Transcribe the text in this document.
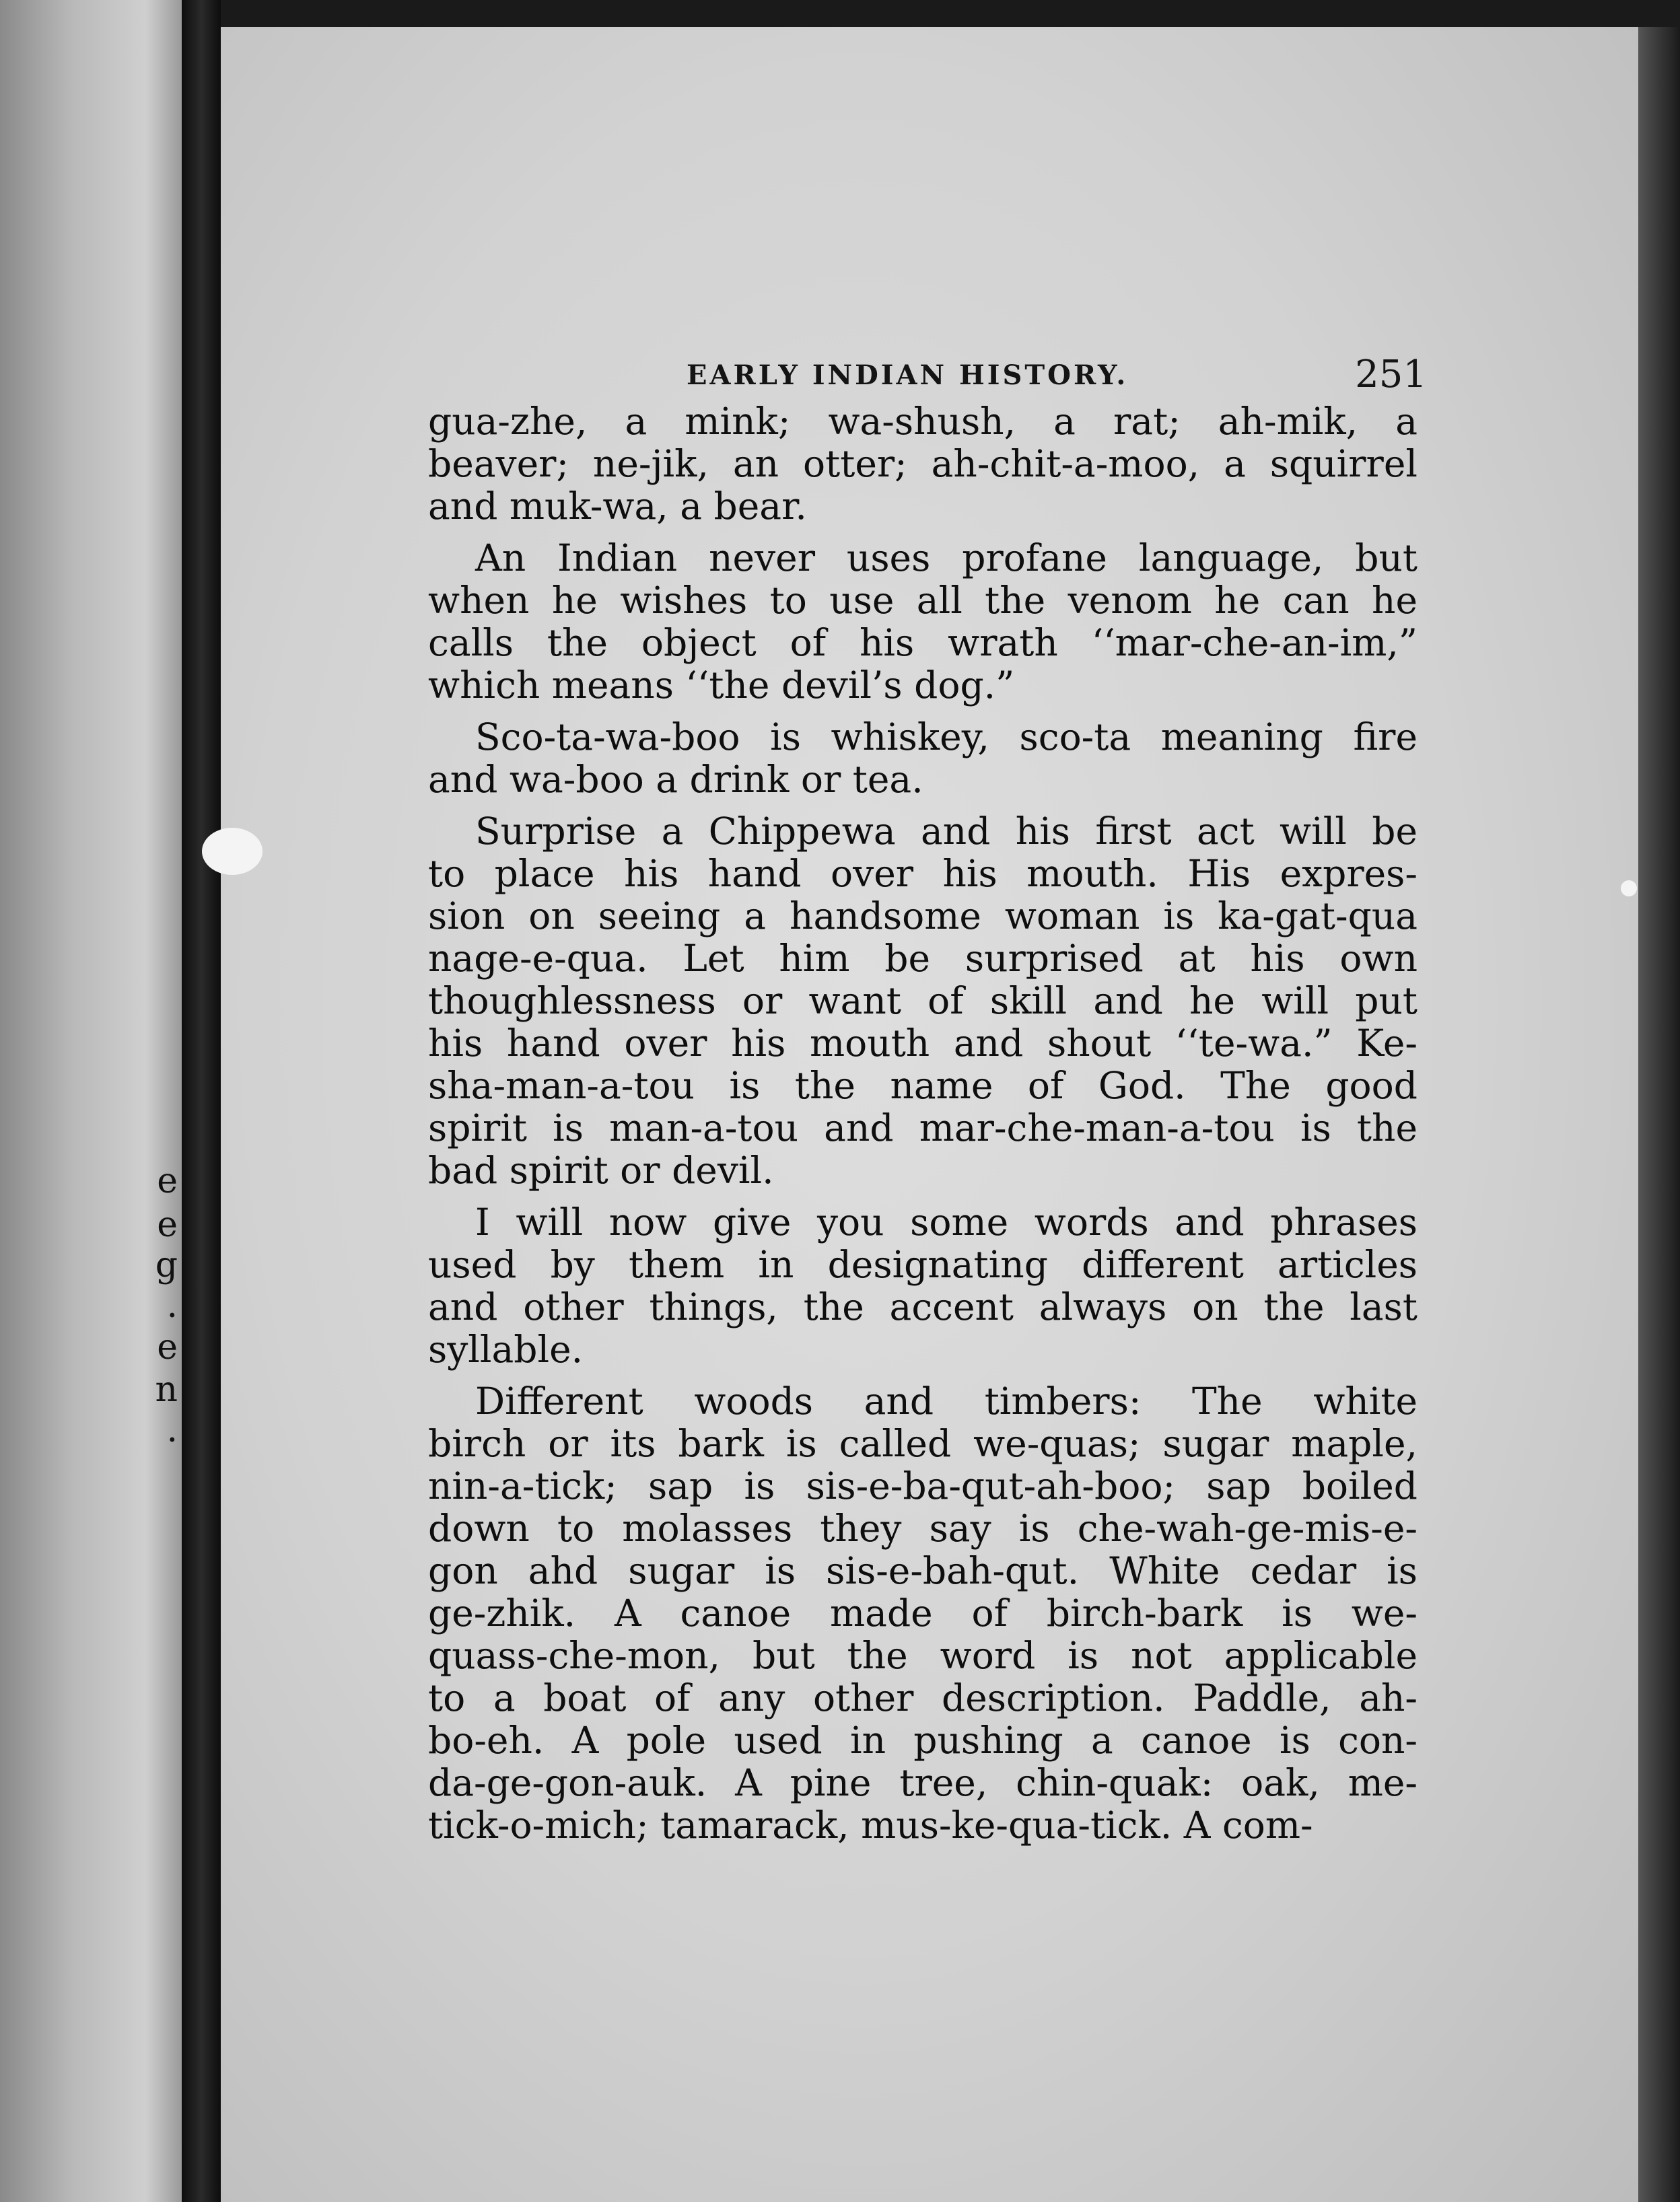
e
e
g
.
e
n
.
EARLY INDIAN HISTORY.	251
gua-zhe, a mink; wa-shush, a rat; ah-mik, a
beaver; ne-jik, an otter; ah-chit-a-moo, a squirrel
and muk-wa, a bear.
An Indian never uses profane language, but
when he wishes to use all the venom he can he
calls the object of his wrath ‘‘mar-che-an-im,”
which means ‘‘the devil’s dog.”
Sco-ta-wa-boo is whiskey, sco-ta meaning fire
and wa-boo a drink or tea.
Surprise a Chippewa and his first act will be
to place his hand over his mouth. His expres-
sion on seeing a handsome woman is ka-gat-qua
nage-e-qua. Let him be surprised at his own
thoughlessness or want of skill and he will put
his hand over his mouth and shout ‘‘te-wa.” Ke-
sha-man-a-tou is the name of God. The good
spirit is man-a-tou and mar-che-man-a-tou is the
bad spirit or devil.
I will now give you some words and phrases
used by them in designating different articles
and other things, the accent always on the last
syllable.
Different woods and timbers: The white
birch or its bark is called we-quas; sugar maple,
nin-a-tick; sap is sis-e-ba-qut-ah-boo; sap boiled
down to molasses they say is che-wah-ge-mis-e-
gon ahd sugar is sis-e-bah-qut. White cedar is
ge-zhik. A canoe made of birch-bark is we-
quass-che-mon, but the word is not applicable
to a boat of any other description. Paddle, ah-
bo-eh. A pole used in pushing a canoe is con-
da-ge-gon-auk. A pine tree, chin-quak: oak, me-
tick-o-mich; tamarack, mus-ke-qua-tick. A com-
